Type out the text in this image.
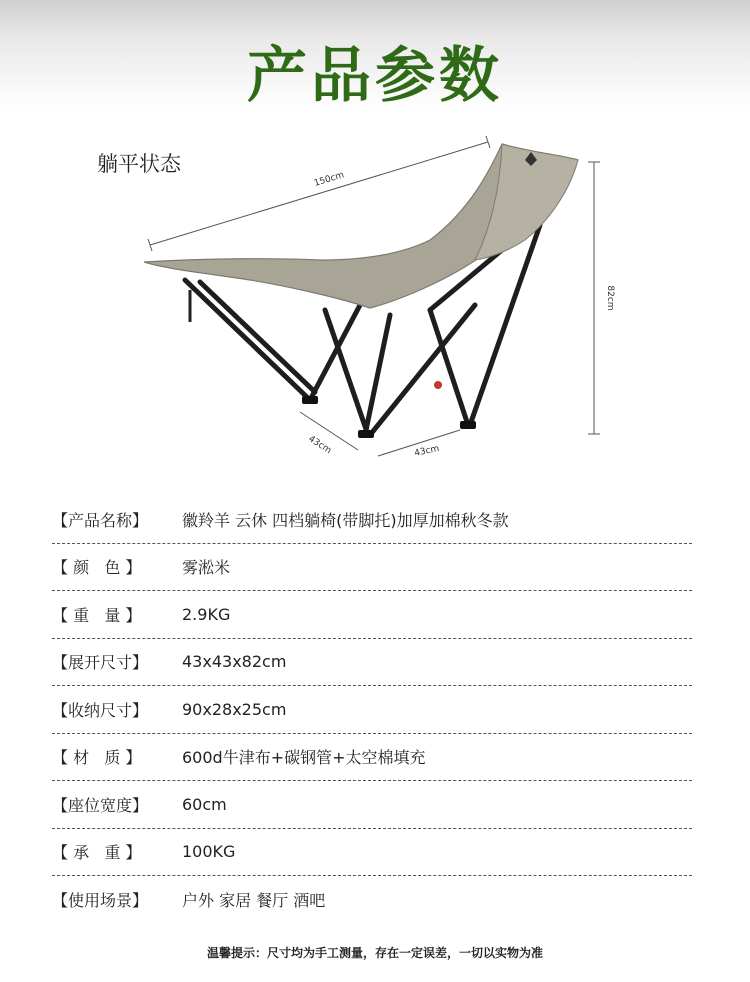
产品参数
躺平状态
150cm
82cm
43cm	43cm
【产品名称】	徽羚羊 云休 四档躺椅(带脚托)加厚加棉秋冬款
【 颜   色 】	雾淞米
【 重   量 】	2.9KG
【展开尺寸】	43x43x82cm
【收纳尺寸】	90x28x25cm
【 材   质 】	600d牛津布+碳钢管+太空棉填充
【座位宽度】	60cm
【 承   重 】	100KG
【使用场景】	户外 家居 餐厅 酒吧
温馨提示：尺寸均为手工测量，存在一定误差，一切以实物为准
